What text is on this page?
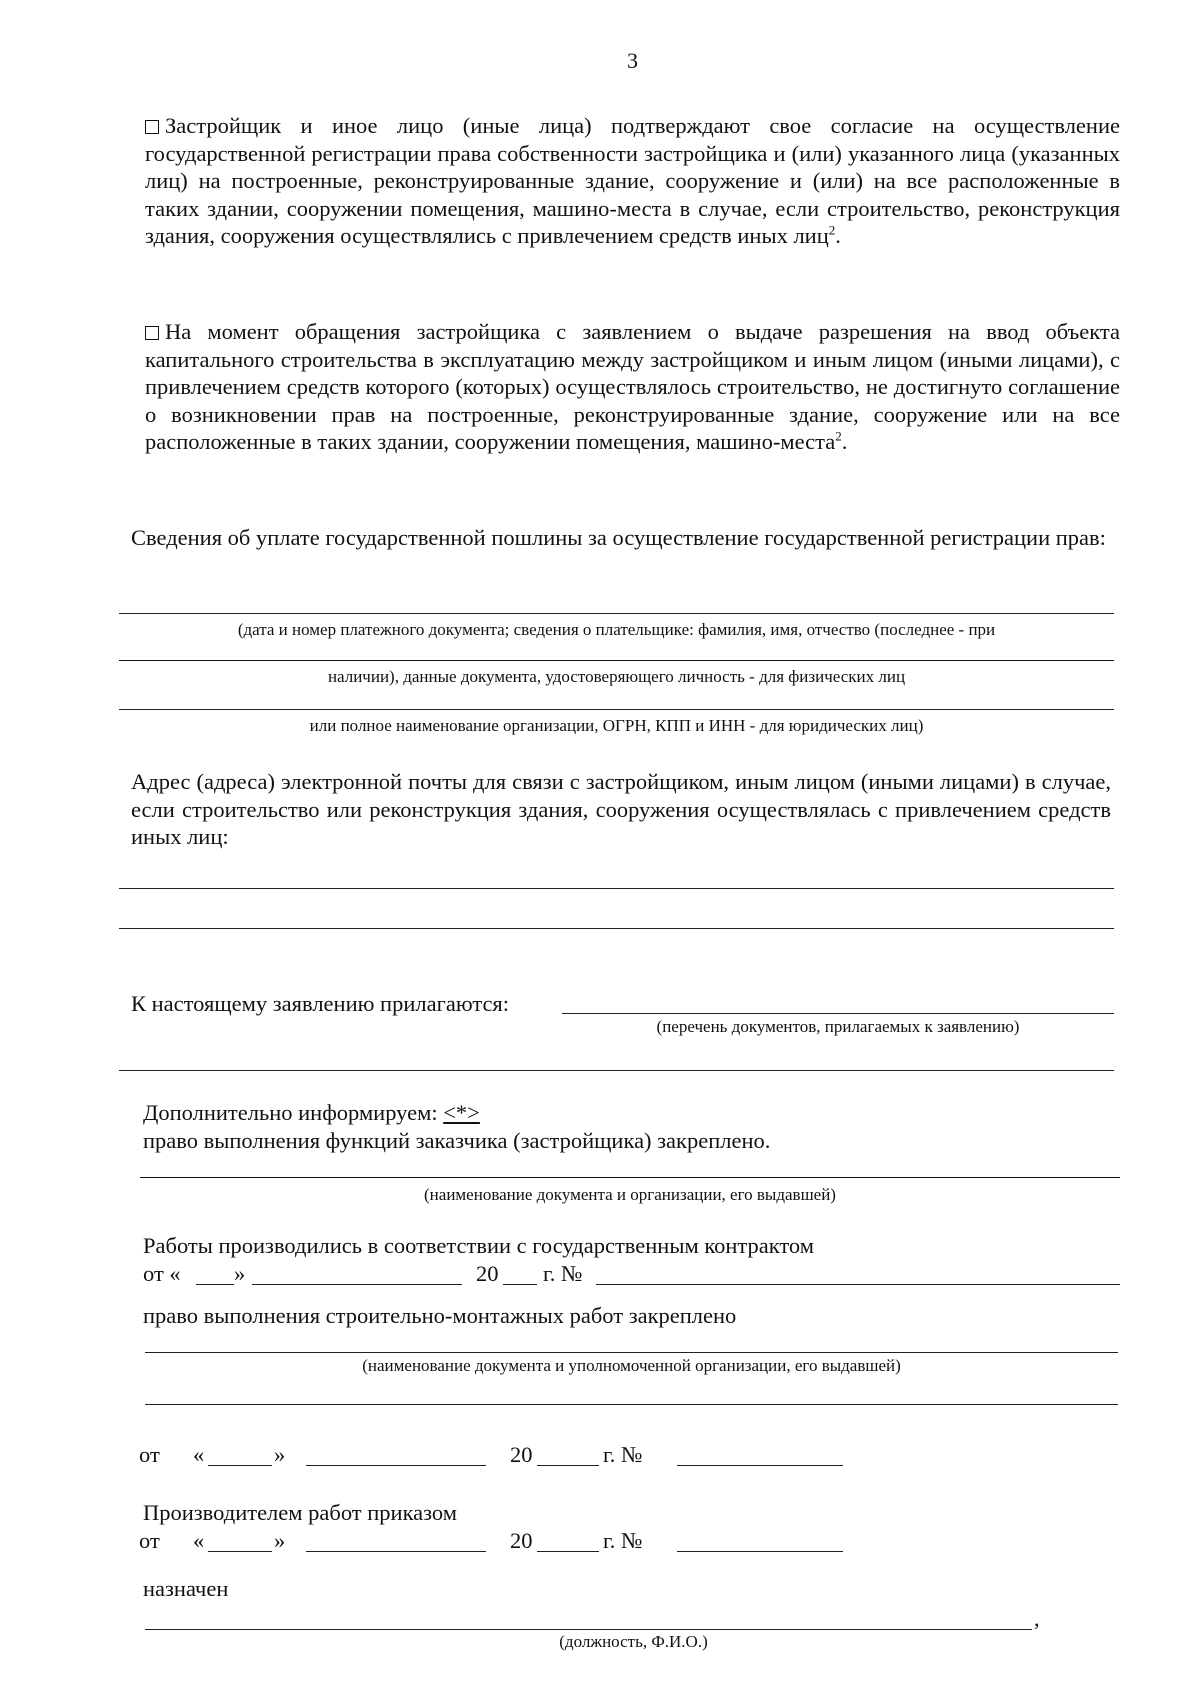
3
Застройщик и иное лицо (иные лица) подтверждают свое согласие на осуществление государственной регистрации права собственности застройщика и (или) указанного лица (указанных лиц) на построенные, реконструированные здание, сооружение и (или) на все расположенные в таких здании, сооружении помещения, машино-места в случае, если строительство, реконструкция здания, сооружения осуществлялись с привлечением средств иных лиц$^2$.
На момент обращения застройщика с заявлением о выдаче разрешения на ввод объекта капитального строительства в эксплуатацию между застройщиком и иным лицом (иными лицами), с привлечением средств которого (которых) осуществлялось строительство, не достигнуто соглашение о возникновении прав на построенные, реконструированные здание, сооружение или на все расположенные в таких здании, сооружении помещения, машино-места$^2$.
Сведения об уплате государственной пошлины за осуществление государственной регистрации прав:
(дата и номер платежного документа; сведения о плательщике: фамилия, имя, отчество (последнее - при
наличии), данные документа, удостоверяющего личность - для физических лиц
или полное наименование организации, ОГРН, КПП и ИНН - для юридических лиц)
Адрес (адреса) электронной почты для связи с застройщиком, иным лицом (иными лицами) в случае, если строительство или реконструкция здания, сооружения осуществлялась с привлечением средств иных лиц:
К настоящему заявлению прилагаются:
(перечень документов, прилагаемых к заявлению)
Дополнительно информируем: <*>
право выполнения функций заказчика (застройщика) закреплено.
(наименование документа и организации, его выдавшей)
Работы производились в соответствии с государственным контрактом
от « »	20 г. №
право выполнения строительно-монтажных работ закреплено
(наименование документа и уполномоченной организации, его выдавшей)
от «	»	20	г. №
Производителем работ приказом
от «	»	20	г. №
назначен
,
(должность, Ф.И.О.)
